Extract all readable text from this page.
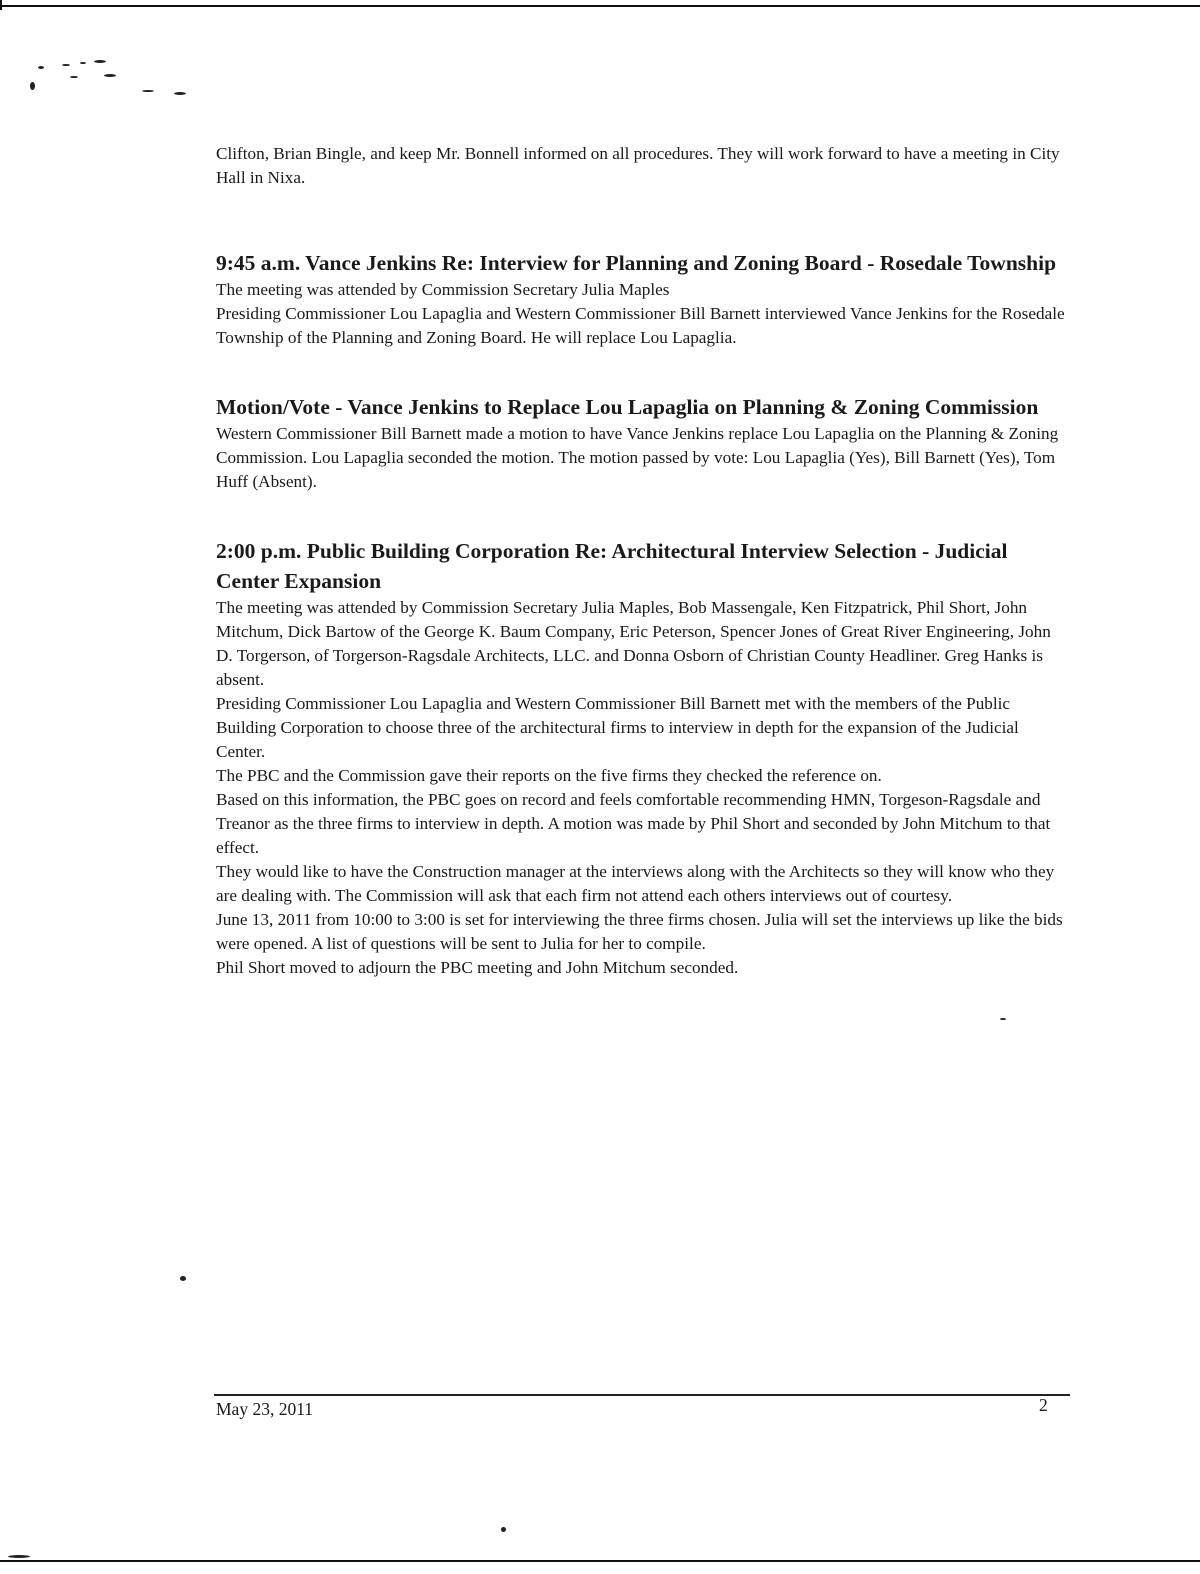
Clifton, Brian Bingle, and keep Mr. Bonnell informed on all procedures. They will work forward to have a meeting in City Hall in Nixa.

9:45 a.m. Vance Jenkins Re: Interview for Planning and Zoning Board - Rosedale Township

The meeting was attended by Commission Secretary Julia Maples

Presiding Commissioner Lou Lapaglia and Western Commissioner Bill Barnett interviewed Vance Jenkins for the Rosedale Township of the Planning and Zoning Board. He will replace Lou Lapaglia.

Motion/Vote - Vance Jenkins to Replace Lou Lapaglia on Planning & Zoning Commission

Western Commissioner Bill Barnett made a motion to have Vance Jenkins replace Lou Lapaglia on the Planning & Zoning Commission. Lou Lapaglia seconded the motion. The motion passed by vote: Lou Lapaglia (Yes), Bill Barnett (Yes), Tom Huff (Absent).

2:00 p.m. Public Building Corporation Re: Architectural Interview Selection - Judicial Center Expansion

The meeting was attended by Commission Secretary Julia Maples, Bob Massengale, Ken Fitzpatrick, Phil Short, John Mitchum, Dick Bartow of the George K. Baum Company, Eric Peterson, Spencer Jones of Great River Engineering, John D. Torgerson, of Torgerson-Ragsdale Architects, LLC. and Donna Osborn of Christian County Headliner. Greg Hanks is absent.

Presiding Commissioner Lou Lapaglia and Western Commissioner Bill Barnett met with the members of the Public Building Corporation to choose three of the architectural firms to interview in depth for the expansion of the Judicial Center.

The PBC and the Commission gave their reports on the five firms they checked the reference on.

Based on this information, the PBC goes on record and feels comfortable recommending HMN, Torgeson-Ragsdale and Treanor as the three firms to interview in depth. A motion was made by Phil Short and seconded by John Mitchum to that effect.

They would like to have the Construction manager at the interviews along with the Architects so they will know who they are dealing with. The Commission will ask that each firm not attend each others interviews out of courtesy.

June 13, 2011 from 10:00 to 3:00 is set for interviewing the three firms chosen. Julia will set the interviews up like the bids were opened. A list of questions will be sent to Julia for her to compile.

Phil Short moved to adjourn the PBC meeting and John Mitchum seconded.

May 23, 2011	2
